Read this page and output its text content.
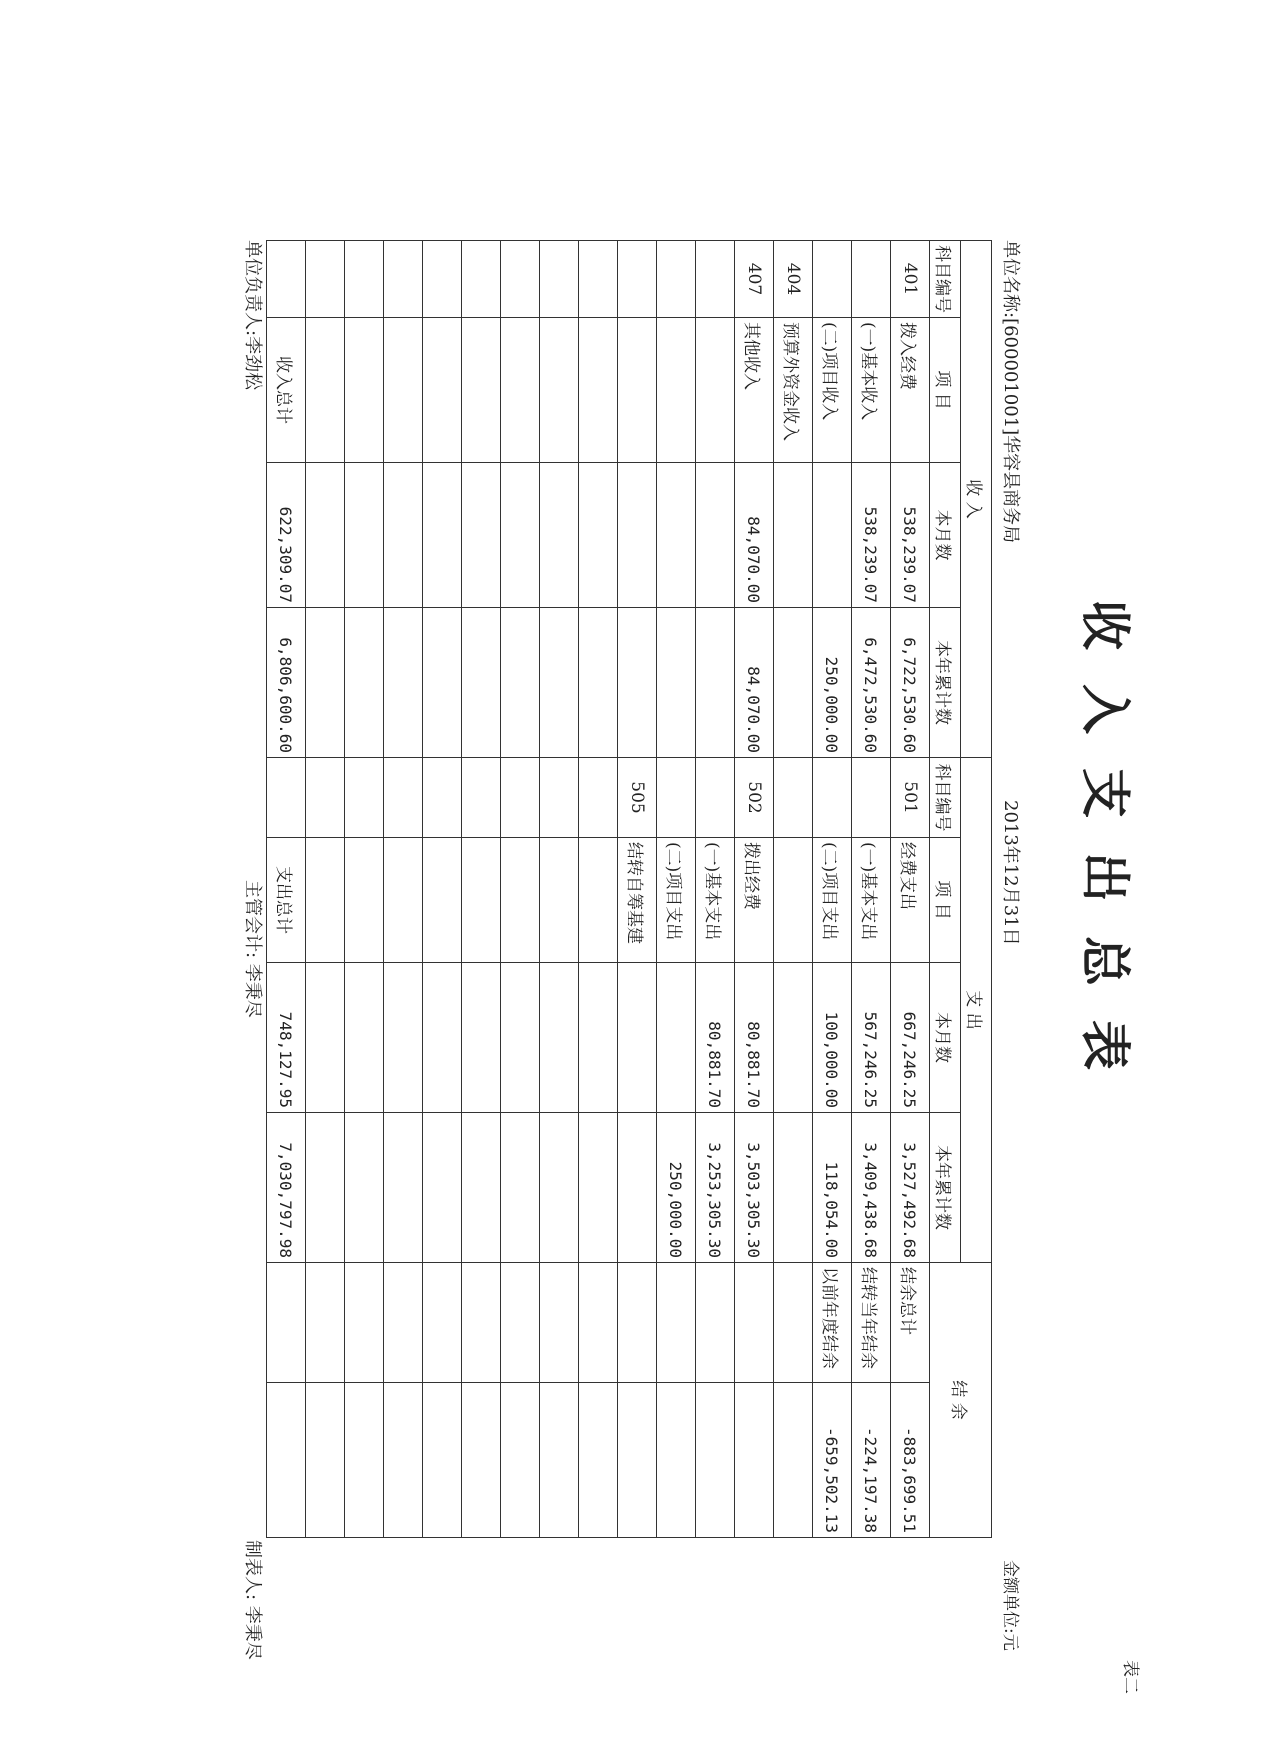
收入支出总表
表二
单位名称:[600001001]华容县商务局
2013年12月31日
金额单位:元
收 入				支 出				结 余	
科目编号	项 目	本月数	本年累计数	科目编号	项 目	本月数	本年累计数		
401	拨入经费	538,239.07	6,722,530.60	501	经费支出	667,246.25	3,527,492.68	结余总计	-883,699.51
	(一)基本收入	538,239.07	6,472,530.60		(一)基本支出	567,246.25	3,409,438.68	结转当年结余	-224,197.38
	(二)项目收入		250,000.00		(二)项目支出	100,000.00	118,054.00	以前年度结余	-659,502.13
404	预算外资金收入								
407	其他收入	84,070.00	84,070.00	502	拨出经费	80,881.70	3,503,305.30		
					(一)基本支出	80,881.70	3,253,305.30		
					(二)项目支出		250,000.00		
				505	结转自筹基建				

	收入总计	622,309.07	6,806,600.60		支出总计	748,127.95	7,030,797.98		
单位负责人:李劲松
主管会计: 李秉尽
制表人: 李秉尽
